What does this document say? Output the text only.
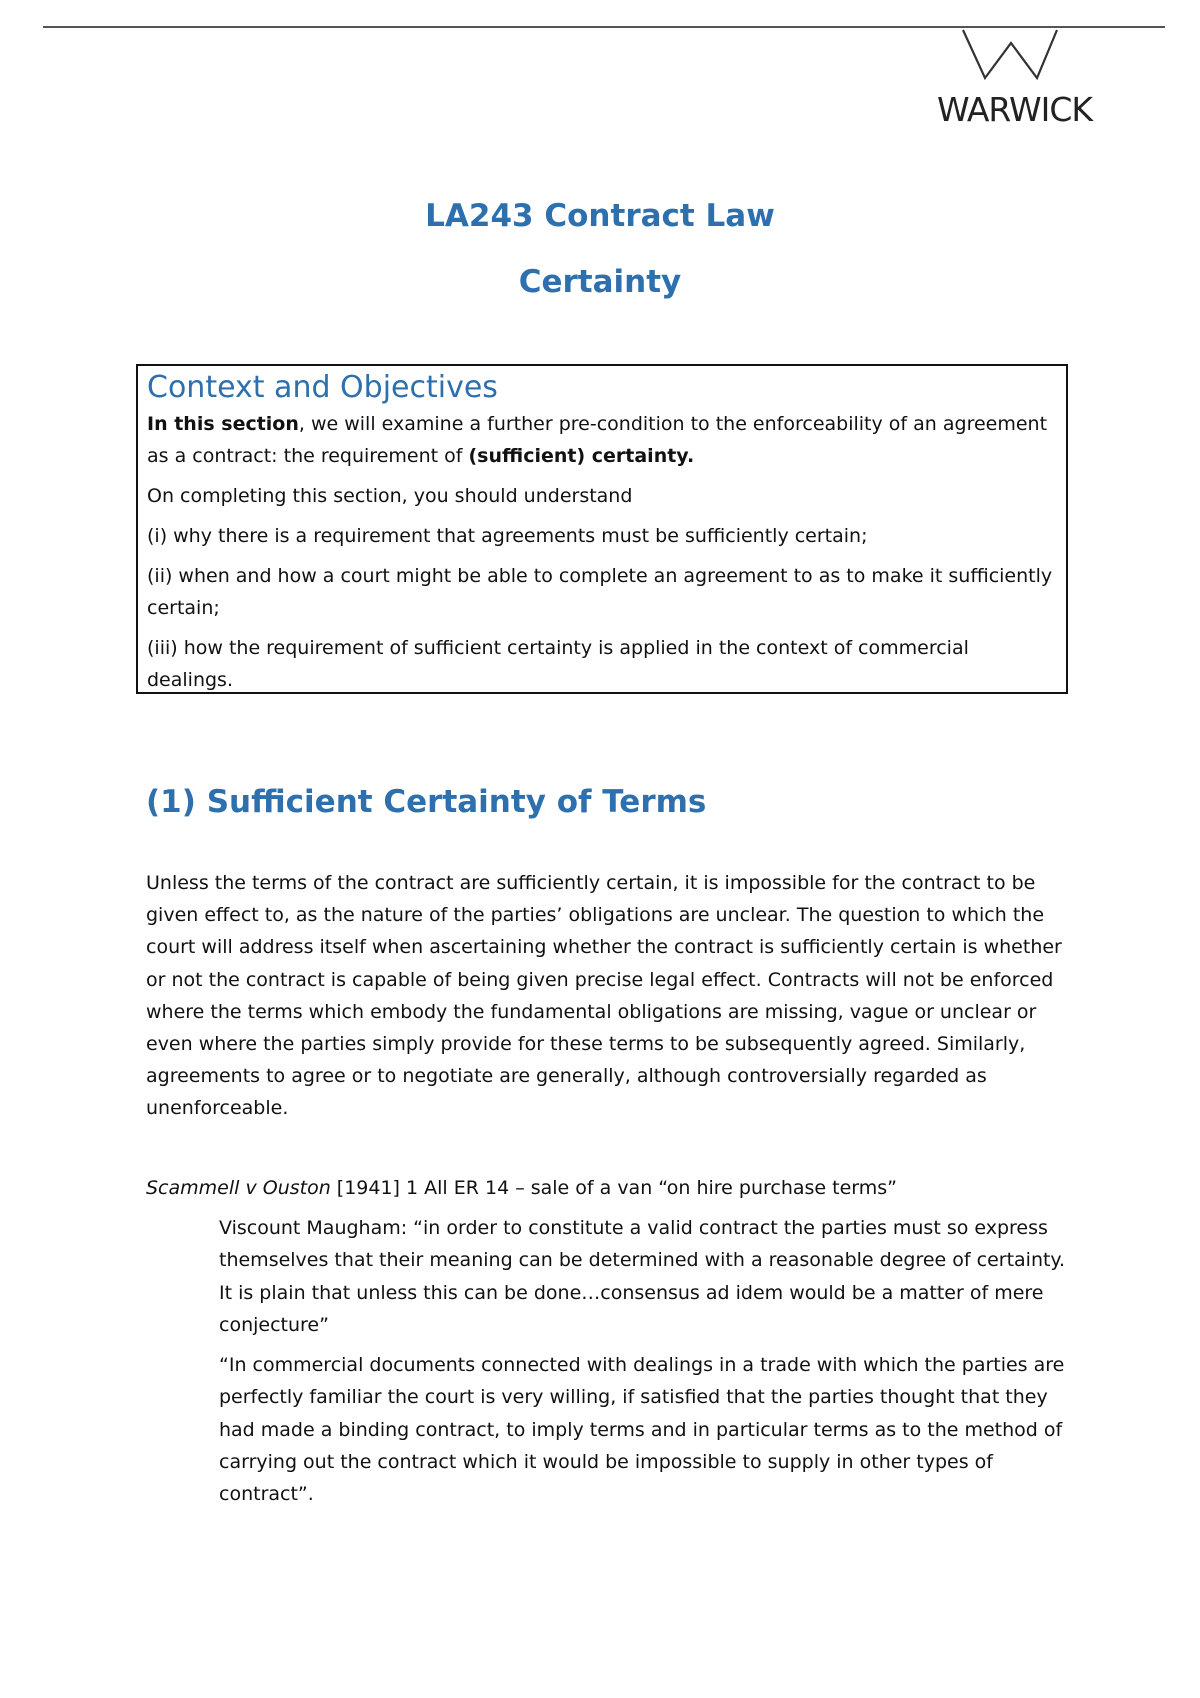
WARWICK
LA243 Contract Law
Certainty
Context and Objectives

In this section, we will examine a further pre-condition to the enforceability of an agreement as a contract: the requirement of (sufficient) certainty.

On completing this section, you should understand

(i) why there is a requirement that agreements must be sufficiently certain;

(ii) when and how a court might be able to complete an agreement to as to make it sufficiently certain;

(iii) how the requirement of sufficient certainty is applied in the context of commercial dealings.

(1) Sufficient Certainty of Terms

Unless the terms of the contract are sufficiently certain, it is impossible for the contract to be given effect to, as the nature of the parties’ obligations are unclear. The question to which the court will address itself when ascertaining whether the contract is sufficiently certain is whether or not the contract is capable of being given precise legal effect. Contracts will not be enforced where the terms which embody the fundamental obligations are missing, vague or unclear or even where the parties simply provide for these terms to be subsequently agreed. Similarly, agreements to agree or to negotiate are generally, although controversially regarded as unenforceable.

Scammell v Ouston [1941] 1 All ER 14 – sale of a van “on hire purchase terms”

Viscount Maugham: “in order to constitute a valid contract the parties must so express themselves that their meaning can be determined with a reasonable degree of certainty. It is plain that unless this can be done…consensus ad idem would be a matter of mere conjecture”

“In commercial documents connected with dealings in a trade with which the parties are perfectly familiar the court is very willing, if satisfied that the parties thought that they had made a binding contract, to imply terms and in particular terms as to the method of carrying out the contract which it would be impossible to supply in other types of contract”.
